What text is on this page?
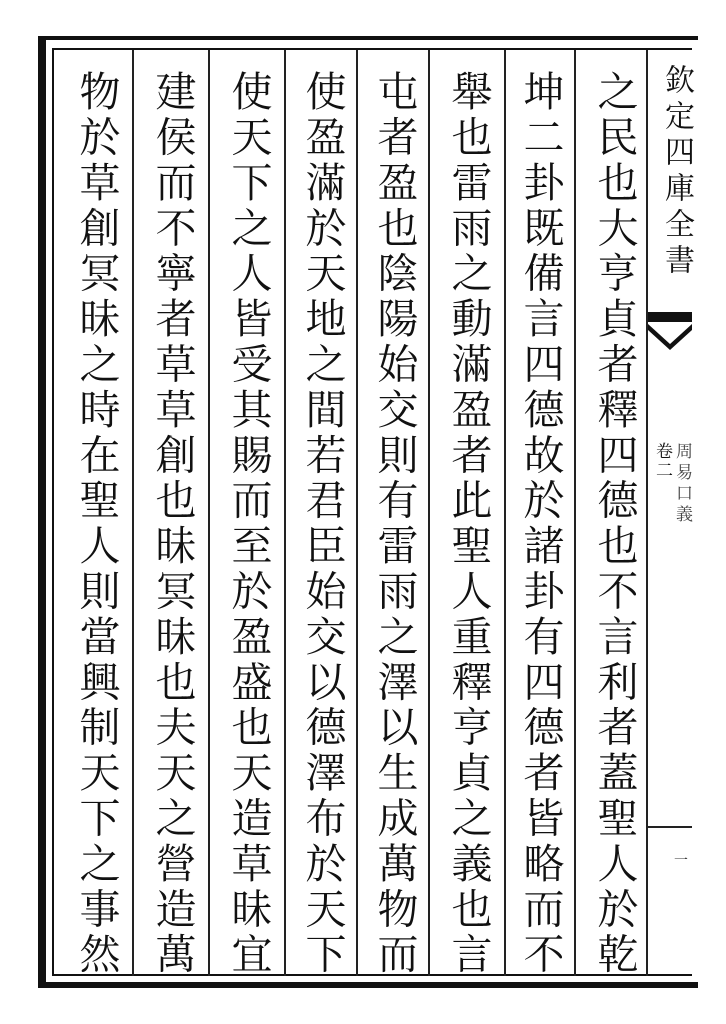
之民也大亨貞者釋四德也不言利者蓋聖人於乾
坤二卦既備言四德故於諸卦有四德者皆略而不
舉也雷雨之動滿盈者此聖人重釋亨貞之義也言
屯者盈也陰陽始交則有雷雨之澤以生成萬物而
使盈滿於天地之間若君臣始交以德澤布於天下
使天下之人皆受其賜而至於盈盛也天造草昧宜
建侯而不寧者草草創也昧冥昧也夫天之營造萬
物於草創冥昧之時在聖人則當興制天下之事然	欽定四庫全書
卷二 周易口義
一
